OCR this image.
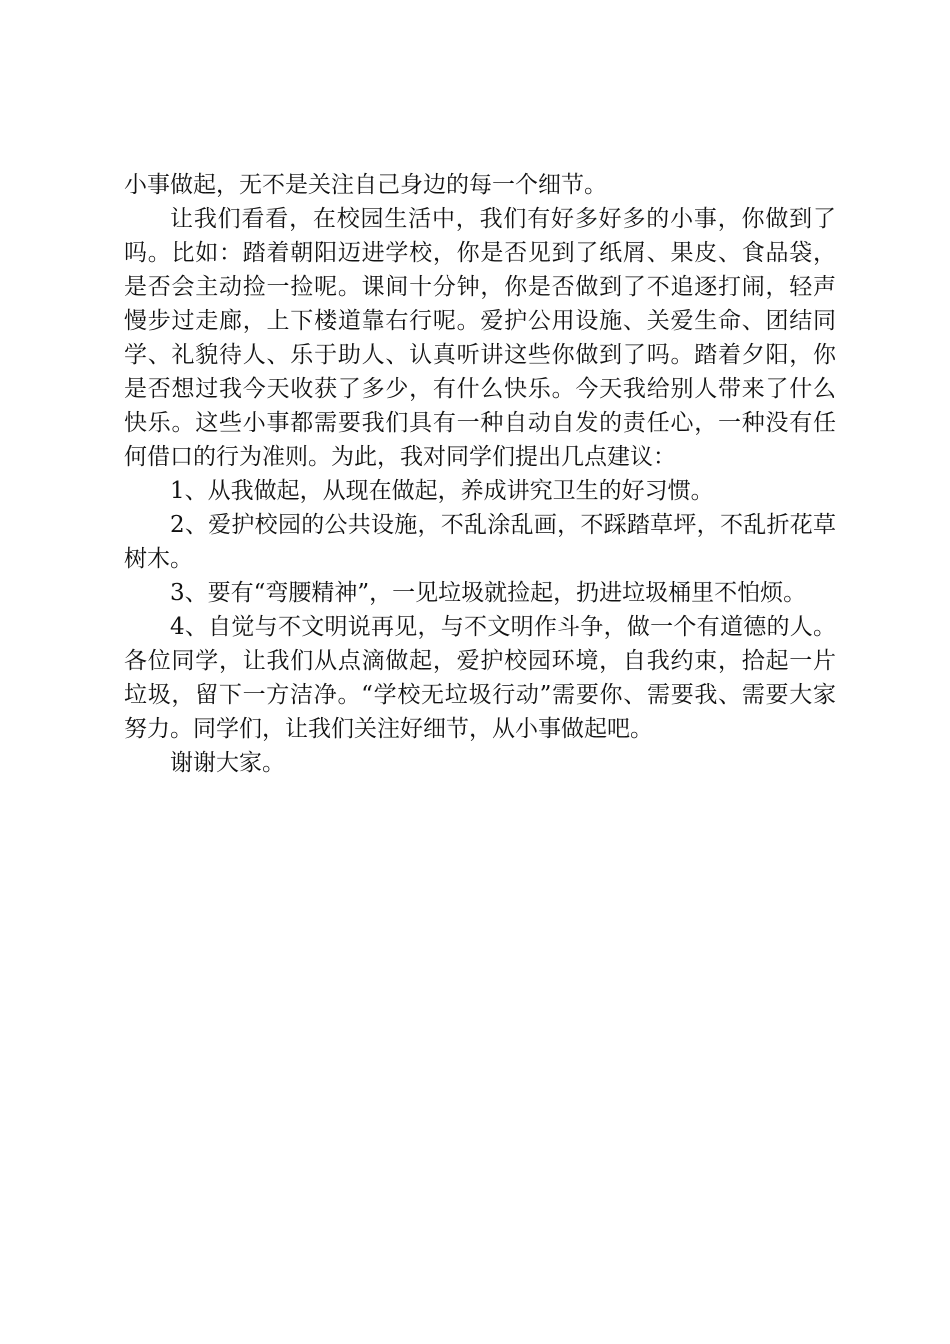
小事做起，无不是关注自己身边的每一个细节。

让我们看看，在校园生活中，我们有好多好多的小事，你做到了吗。比如：踏着朝阳迈进学校，你是否见到了纸屑、果皮、食品袋，是否会主动捡一捡呢。课间十分钟，你是否做到了不追逐打闹，轻声慢步过走廊，上下楼道靠右行呢。爱护公用设施、关爱生命、团结同学、礼貌待人、乐于助人、认真听讲这些你做到了吗。踏着夕阳，你是否想过我今天收获了多少，有什么快乐。今天我给别人带来了什么快乐。这些小事都需要我们具有一种自动自发的责任心，一种没有任何借口的行为准则。为此，我对同学们提出几点建议：

1、从我做起，从现在做起，养成讲究卫生的好习惯。

2、爱护校园的公共设施，不乱涂乱画，不踩踏草坪，不乱折花草树木。

3、要有“弯腰精神”，一见垃圾就捡起，扔进垃圾桶里不怕烦。

4、自觉与不文明说再见，与不文明作斗争，做一个有道德的人。各位同学，让我们从点滴做起，爱护校园环境，自我约束，拾起一片垃圾，留下一方洁净。“学校无垃圾行动”需要你、需要我、需要大家努力。同学们，让我们关注好细节，从小事做起吧。

谢谢大家。
